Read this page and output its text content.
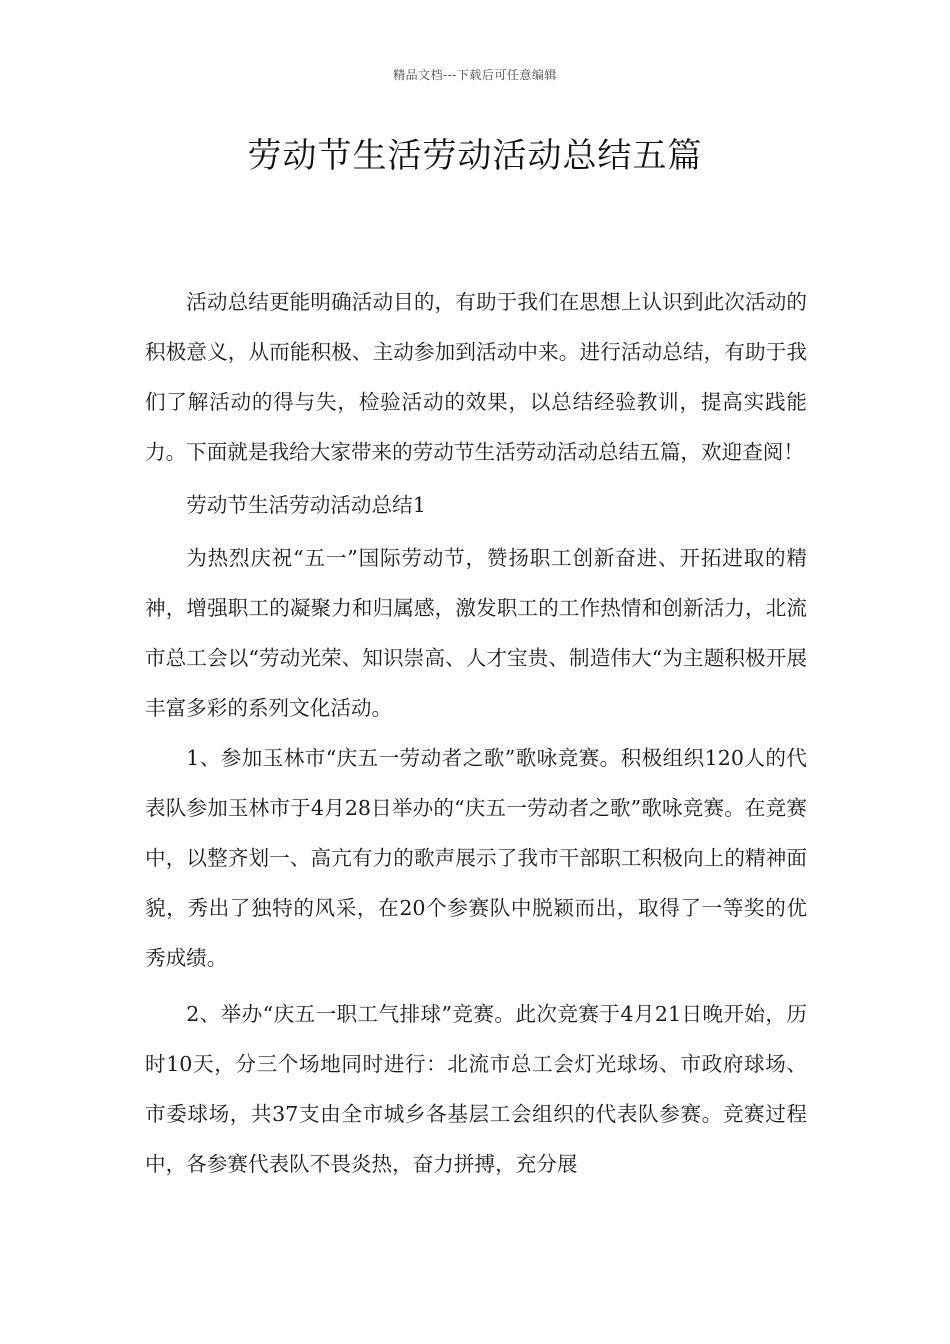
精品文档---下载后可任意编辑
劳动节生活劳动活动总结五篇

活动总结更能明确活动目的，有助于我们在思想上认识到此次活动的积极意义，从而能积极、主动参加到活动中来。进行活动总结，有助于我们了解活动的得与失，检验活动的效果，以总结经验教训，提高实践能力。下面就是我给大家带来的劳动节生活劳动活动总结五篇，欢迎查阅！

劳动节生活劳动活动总结1

为热烈庆祝“五一”国际劳动节，赞扬职工创新奋进、开拓进取的精神，增强职工的凝聚力和归属感，激发职工的工作热情和创新活力，北流市总工会以“劳动光荣、知识崇高、人才宝贵、制造伟大“为主题积极开展丰富多彩的系列文化活动。

1、参加玉林市“庆五一劳动者之歌”歌咏竞赛。积极组织120人的代表队参加玉林市于4月28日举办的“庆五一劳动者之歌”歌咏竞赛。在竞赛中，以整齐划一、高亢有力的歌声展示了我市干部职工积极向上的精神面貌，秀出了独特的风采，在20个参赛队中脱颖而出，取得了一等奖的优秀成绩。

2、举办“庆五一职工气排球”竞赛。此次竞赛于4月21日晚开始，历时10天，分三个场地同时进行：北流市总工会灯光球场、市政府球场、市委球场，共37支由全市城乡各基层工会组织的代表队参赛。竞赛过程中，各参赛代表队不畏炎热，奋力拼搏，充分展
